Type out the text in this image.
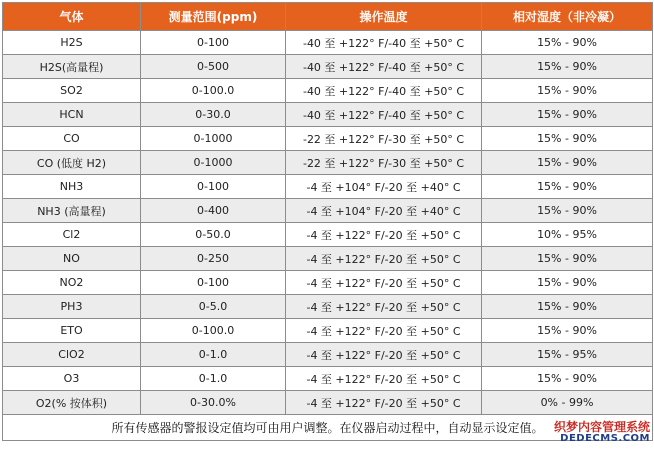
气体	测量范围(ppm)	操作温度	相对湿度（非冷凝）
H2S	0-100	-40 至 +122° F/-40 至 +50° C	15% - 90%
H2S(高量程)	0-500	-40 至 +122° F/-40 至 +50° C	15% - 90%
SO2	0-100.0	-40 至 +122° F/-40 至 +50° C	15% - 90%
HCN	0-30.0	-40 至 +122° F/-40 至 +50° C	15% - 90%
CO	0-1000	-22 至 +122° F/-30 至 +50° C	15% - 90%
CO (低度 H2)	0-1000	-22 至 +122° F/-30 至 +50° C	15% - 90%
NH3	0-100	-4 至 +104° F/-20 至 +40° C	15% - 90%
NH3 (高量程)	0-400	-4 至 +104° F/-20 至 +40° C	15% - 90%
Cl2	0-50.0	-4 至 +122° F/-20 至 +50° C	10% - 95%
NO	0-250	-4 至 +122° F/-20 至 +50° C	15% - 90%
NO2	0-100	-4 至 +122° F/-20 至 +50° C	15% - 90%
PH3	0-5.0	-4 至 +122° F/-20 至 +50° C	15% - 90%
ETO	0-100.0	-4 至 +122° F/-20 至 +50° C	15% - 90%
ClO2	0-1.0	-4 至 +122° F/-20 至 +50° C	15% - 95%
O3	0-1.0	-4 至 +122° F/-20 至 +50° C	15% - 90%
O2(% 按体积)	0-30.0%	-4 至 +122° F/-20 至 +50° C	0% - 99%
所有传感器的警报设定值均可由用户调整。在仪器启动过程中，自动显示设定值。			织梦内容管理系统
DEDECMS.COM
